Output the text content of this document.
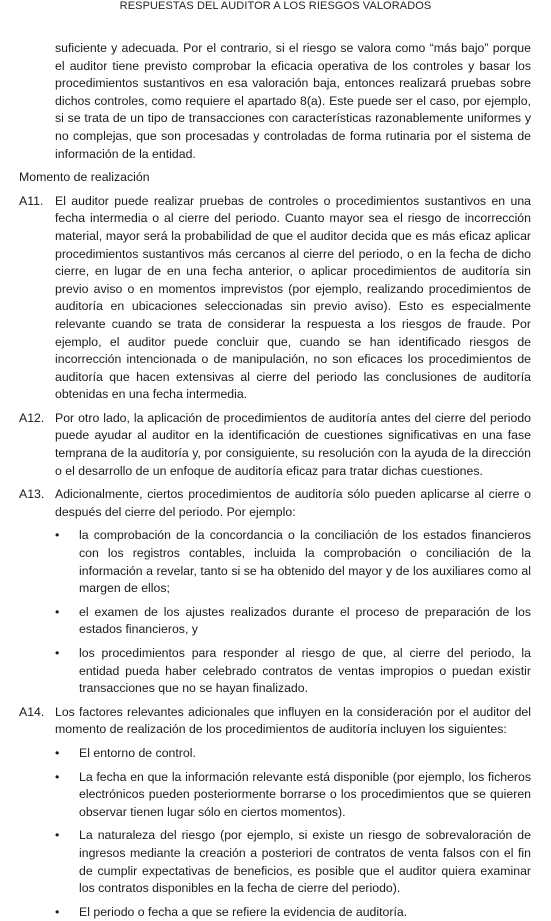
RESPUESTAS DEL AUDITOR A LOS RIESGOS VALORADOS
suficiente y adecuada. Por el contrario, si el riesgo se valora como “más bajo” porque el auditor tiene previsto comprobar la eficacia operativa de los controles y basar los procedimientos sustantivos en esa valoración baja, entonces realizará pruebas sobre dichos controles, como requiere el apartado 8(a). Este puede ser el caso, por ejemplo, si se trata de un tipo de transacciones con características razonablemente uniformes y no complejas, que son procesadas y controladas de forma rutinaria por el sistema de información de la entidad.
Momento de realización
A11. El auditor puede realizar pruebas de controles o procedimientos sustantivos en una fecha intermedia o al cierre del periodo. Cuanto mayor sea el riesgo de incorrección material, mayor será la probabilidad de que el auditor decida que es más eficaz aplicar procedimientos sustantivos más cercanos al cierre del periodo, o en la fecha de dicho cierre, en lugar de en una fecha anterior, o aplicar procedimientos de auditoría sin previo aviso o en momentos imprevistos (por ejemplo, realizando procedimientos de auditoría en ubicaciones seleccionadas sin previo aviso). Esto es especialmente relevante cuando se trata de considerar la respuesta a los riesgos de fraude. Por ejemplo, el auditor puede concluir que, cuando se han identificado riesgos de incorrección intencionada o de manipulación, no son eficaces los procedimientos de auditoría que hacen extensivas al cierre del periodo las conclusiones de auditoría obtenidas en una fecha intermedia.
A12. Por otro lado, la aplicación de procedimientos de auditoría antes del cierre del periodo puede ayudar al auditor en la identificación de cuestiones significativas en una fase temprana de la auditoría y, por consiguiente, su resolución con la ayuda de la dirección o el desarrollo de un enfoque de auditoría eficaz para tratar dichas cuestiones.
A13. Adicionalmente, ciertos procedimientos de auditoría sólo pueden aplicarse al cierre o después del cierre del periodo. Por ejemplo:
•	la comprobación de la concordancia o la conciliación de los estados financieros con los registros contables, incluida la comprobación o conciliación de la información a revelar, tanto si se ha obtenido del mayor y de los auxiliares como al margen de ellos;
•	el examen de los ajustes realizados durante el proceso de preparación de los estados financieros, y
•	los procedimientos para responder al riesgo de que, al cierre del periodo, la entidad pueda haber celebrado contratos de ventas impropios o puedan existir transacciones que no se hayan finalizado.
A14. Los factores relevantes adicionales que influyen en la consideración por el auditor del momento de realización de los procedimientos de auditoría incluyen los siguientes:
•	El entorno de control.
•	La fecha en que la información relevante está disponible (por ejemplo, los ficheros electrónicos pueden posteriormente borrarse o los procedimientos que se quieren observar tienen lugar sólo en ciertos momentos).
•	La naturaleza del riesgo (por ejemplo, si existe un riesgo de sobrevaloración de ingresos mediante la creación a posteriori de contratos de venta falsos con el fin de cumplir expectativas de beneficios, es posible que el auditor quiera examinar los contratos disponibles en la fecha de cierre del periodo).
•	El periodo o fecha a que se refiere la evidencia de auditoría.
